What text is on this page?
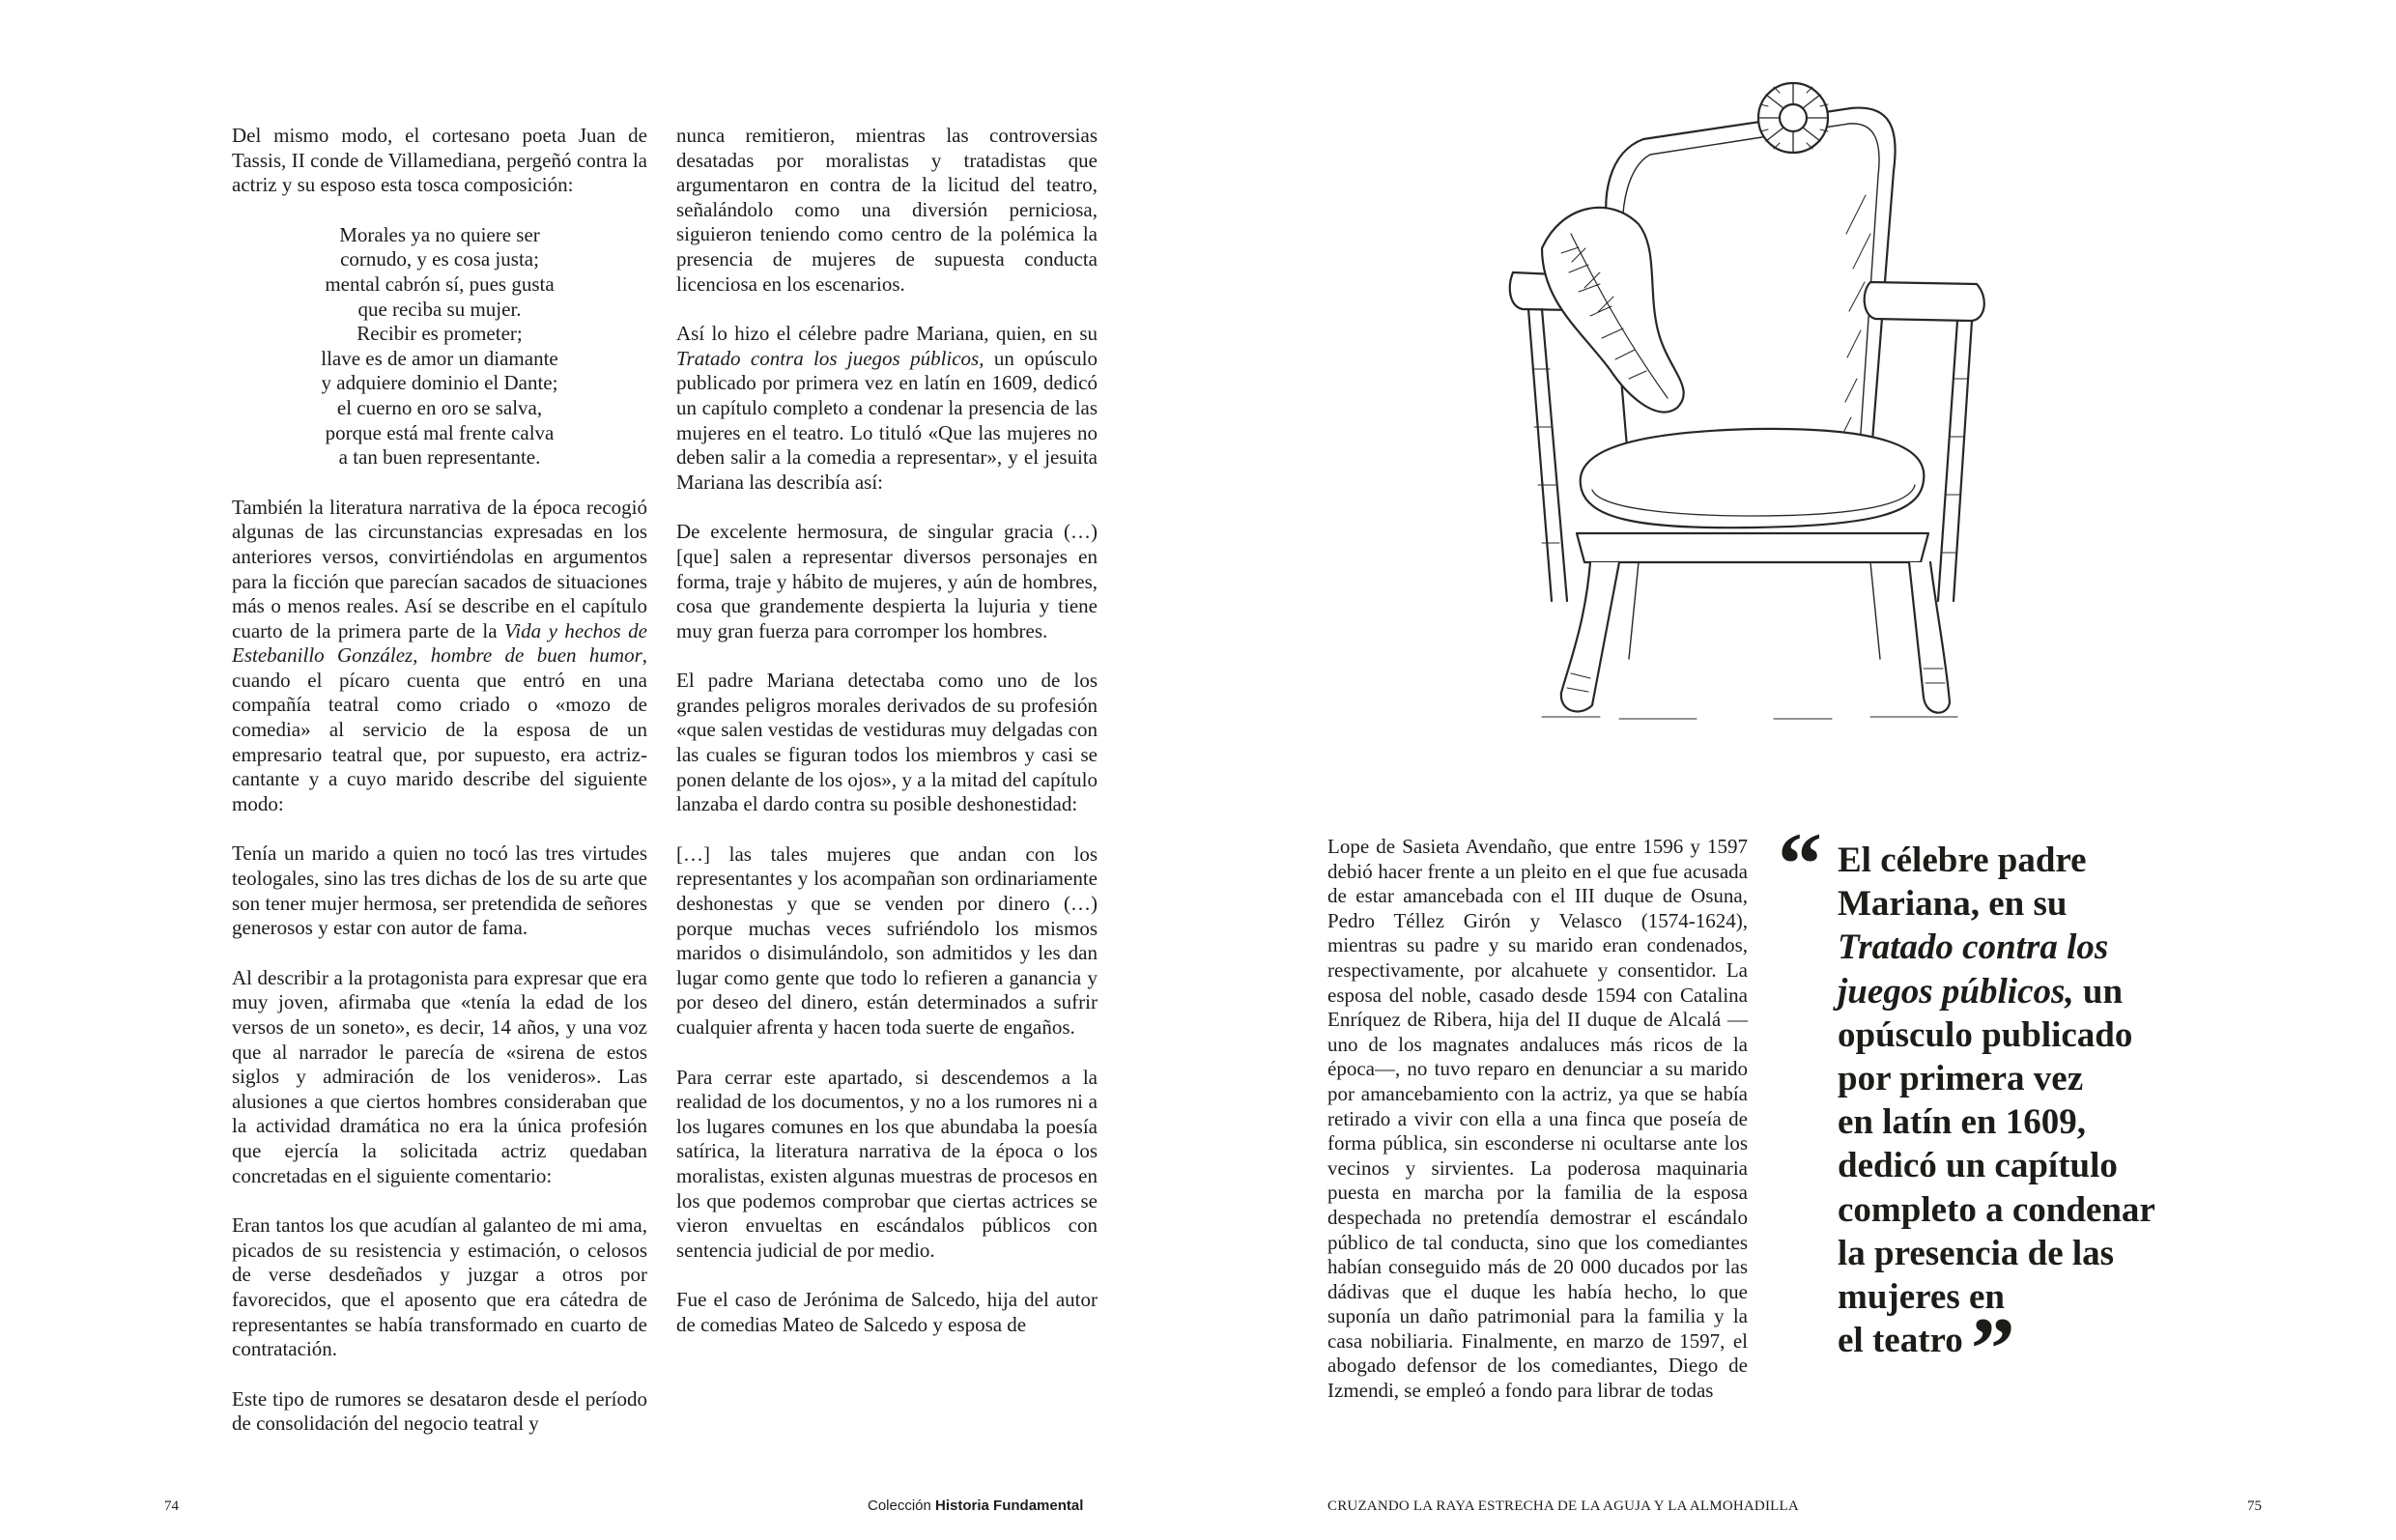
Del mismo modo, el cortesano poeta Juan de Tassis, II conde de Villamediana, pergeñó contra la actriz y su esposo esta tosca composición:

Morales ya no quiere ser
cornudo, y es cosa justa;
mental cabrón sí, pues gusta
que reciba su mujer.
Recibir es prometer;
llave es de amor un diamante
y adquiere dominio el Dante;
el cuerno en oro se salva,
porque está mal frente calva
a tan buen representante.

También la literatura narrativa de la época recogió algunas de las circunstancias expresadas en los anteriores versos, convirtiéndolas en argumentos para la ficción que parecían sacados de situaciones más o menos reales. Así se describe en el capítulo cuarto de la primera parte de la Vida y hechos de Estebanillo González, hombre de buen humor, cuando el pícaro cuenta que entró en una compañía teatral como criado o «mozo de comedia» al servicio de la esposa de un empresario teatral que, por supuesto, era actriz-cantante y a cuyo marido describe del siguiente modo:

Tenía un marido a quien no tocó las tres virtudes teologales, sino las tres dichas de los de su arte que son tener mujer hermosa, ser pretendida de señores generosos y estar con autor de fama.

Al describir a la protagonista para expresar que era muy joven, afirmaba que «tenía la edad de los versos de un soneto», es decir, 14 años, y una voz que al narrador le parecía de «sirena de estos siglos y admiración de los venideros». Las alusiones a que ciertos hombres consideraban que la actividad dramática no era la única profesión que ejercía la solicitada actriz quedaban concretadas en el siguiente comentario:

Eran tantos los que acudían al galanteo de mi ama, picados de su resistencia y estimación, o celosos de verse desdeñados y juzgar a otros por favorecidos, que el aposento que era cátedra de representantes se había transformado en cuarto de contratación.

Este tipo de rumores se desataron desde el período de consolidación del negocio teatral y

nunca remitieron, mientras las controversias desatadas por moralistas y tratadistas que argumentaron en contra de la licitud del teatro, señalándolo como una diversión perniciosa, siguieron teniendo como centro de la polémica la presencia de mujeres de supuesta conducta licenciosa en los escenarios.

Así lo hizo el célebre padre Mariana, quien, en su Tratado contra los juegos públicos, un opúsculo publicado por primera vez en latín en 1609, dedicó un capítulo completo a condenar la presencia de las mujeres en el teatro. Lo tituló «Que las mujeres no deben salir a la comedia a representar», y el jesuita Mariana las describía así:

De excelente hermosura, de singular gracia (…) [que] salen a representar diversos personajes en forma, traje y hábito de mujeres, y aún de hombres, cosa que grandemente despierta la lujuria y tiene muy gran fuerza para corromper los hombres.

El padre Mariana detectaba como uno de los grandes peligros morales derivados de su profesión «que salen vestidas de vestiduras muy delgadas con las cuales se figuran todos los miembros y casi se ponen delante de los ojos», y a la mitad del capítulo lanzaba el dardo contra su posible deshonestidad:

[…] las tales mujeres que andan con los representantes y los acompañan son ordinariamente deshonestas y que se venden por dinero (…) porque muchas veces sufriéndolo los mismos maridos o disimulándolo, son admitidos y les dan lugar como gente que todo lo refieren a ganancia y por deseo del dinero, están determinados a sufrir cualquier afrenta y hacen toda suerte de engaños.

Para cerrar este apartado, si descendemos a la realidad de los documentos, y no a los rumores ni a los lugares comunes en los que abundaba la poesía satírica, la literatura narrativa de la época o los moralistas, existen algunas muestras de procesos en los que podemos comprobar que ciertas actrices se vieron envueltas en escándalos públicos con sentencia judicial de por medio.

Fue el caso de Jerónima de Salcedo, hija del autor de comedias Mateo de Salcedo y esposa de

Lope de Sasieta Avendaño, que entre 1596 y 1597 debió hacer frente a un pleito en el que fue acusada de estar amancebada con el III duque de Osuna, Pedro Téllez Girón y Velasco (1574-1624), mientras su padre y su marido eran condenados, respectivamente, por alcahuete y consentidor. La esposa del noble, casado desde 1594 con Catalina Enríquez de Ribera, hija del II duque de Alcalá —uno de los magnates andaluces más ricos de la época—, no tuvo reparo en denunciar a su marido por amancebamiento con la actriz, ya que se había retirado a vivir con ella a una finca que poseía de forma pública, sin esconderse ni ocultarse ante los vecinos y sirvientes. La poderosa maquinaria puesta en marcha por la familia de la esposa despechada no pretendía demostrar el escándalo público de tal conducta, sino que los comediantes habían conseguido más de 20 000 ducados por las dádivas que el duque les había hecho, lo que suponía un daño patrimonial para la familia y la casa nobiliaria. Finalmente, en marzo de 1597, el abogado defensor de los comediantes, Diego de Izmendi, se empleó a fondo para librar de todas

“ El célebre padre
Mariana, en su
Tratado contra los
juegos públicos, un
opúsculo publicado
por primera vez
en latín en 1609,
dedicó un capítulo
completo a condenar
la presencia de las
mujeres en
el teatro”
74	Colección Historia Fundamental	CRUZANDO LA RAYA ESTRECHA DE LA AGUJA Y LA ALMOHADILLA	75
